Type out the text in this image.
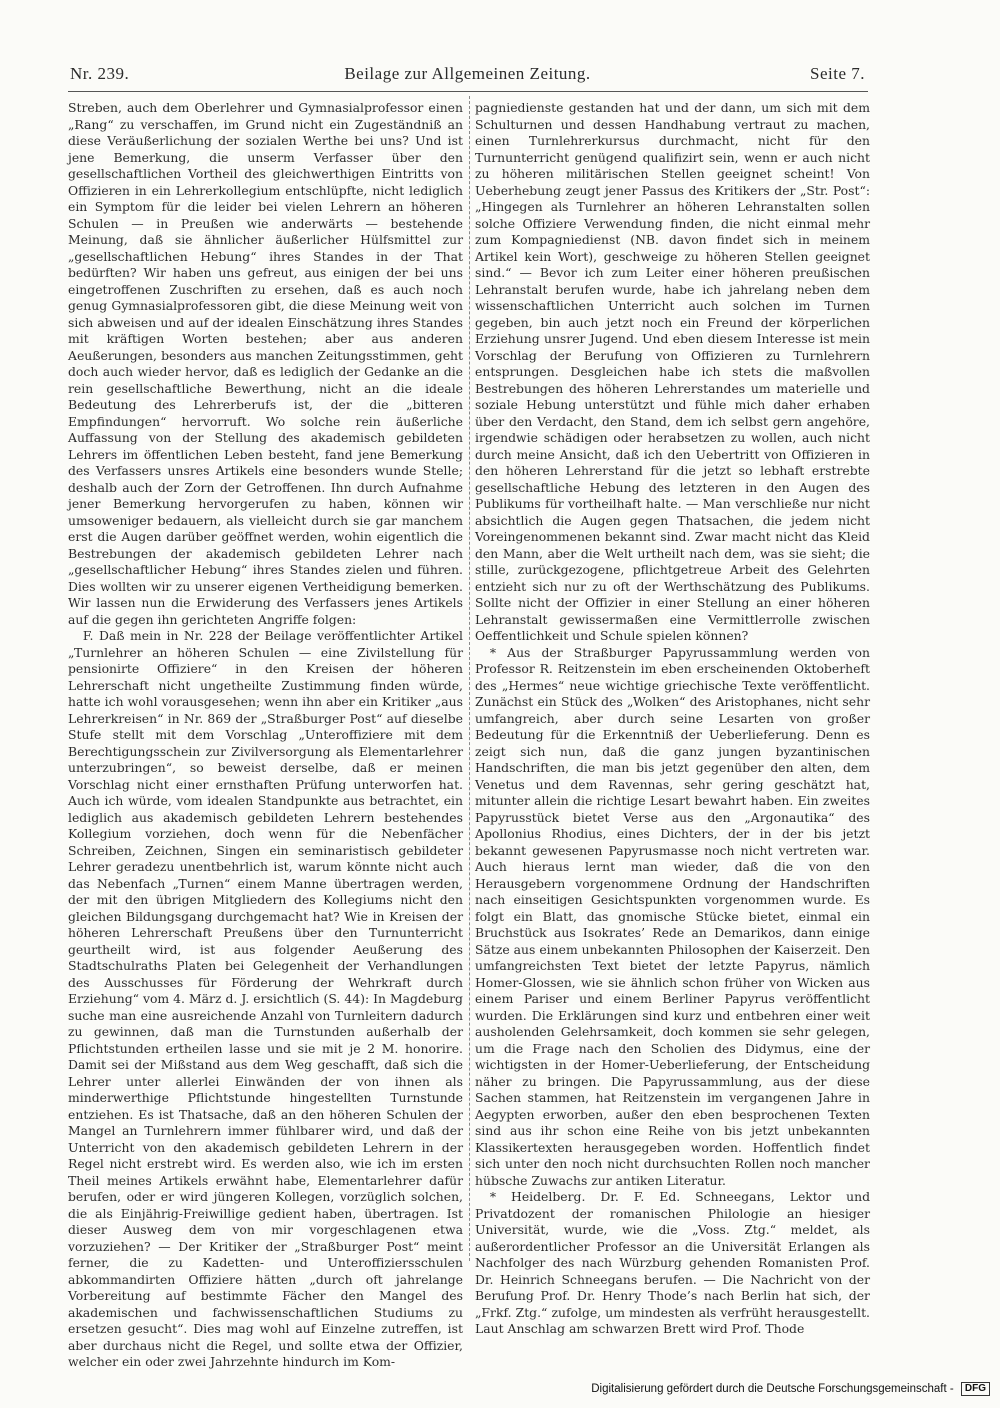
Nr. 239.	Beilage zur Allgemeinen Zeitung.	Seite 7.

Streben, auch dem Oberlehrer und Gymnasialprofessor einen „Rang“ zu verschaffen, im Grund nicht ein Zugeständniß an diese Veräußerlichung der sozialen Werthe bei uns? Und ist jene Bemerkung, die unserm Verfasser über den gesellschaftlichen Vortheil des gleichwerthigen Eintritts von Offizieren in ein Lehrerkollegium entschlüpfte, nicht lediglich ein Symptom für die leider bei vielen Lehrern an höheren Schulen — in Preußen wie anderwärts — bestehende Meinung, daß sie ähnlicher äußerlicher Hülfsmittel zur „gesellschaftlichen Hebung“ ihres Standes in der That bedürften? Wir haben uns gefreut, aus einigen der bei uns eingetroffenen Zuschriften zu ersehen, daß es auch noch genug Gymnasialprofessoren gibt, die diese Meinung weit von sich abweisen und auf der idealen Einschätzung ihres Standes mit kräftigen Worten bestehen; aber aus anderen Aeußerungen, besonders aus manchen Zeitungsstimmen, geht doch auch wieder hervor, daß es lediglich der Gedanke an die rein gesellschaftliche Bewerthung, nicht an die ideale Bedeutung des Lehrerberufs ist, der die „bitteren Empfindungen“ hervorruft. Wo solche rein äußerliche Auffassung von der Stellung des akademisch gebildeten Lehrers im öffentlichen Leben besteht, fand jene Bemerkung des Verfassers unsres Artikels eine besonders wunde Stelle; deshalb auch der Zorn der Getroffenen. Ihn durch Aufnahme jener Bemerkung hervorgerufen zu haben, können wir umsoweniger bedauern, als vielleicht durch sie gar manchem erst die Augen darüber geöffnet werden, wohin eigentlich die Bestrebungen der akademisch gebildeten Lehrer nach „gesellschaftlicher Hebung“ ihres Standes zielen und führen. Dies wollten wir zu unserer eigenen Vertheidigung bemerken. Wir lassen nun die Erwiderung des Verfassers jenes Artikels auf die gegen ihn gerichteten Angriffe folgen:

F. Daß mein in Nr. 228 der Beilage veröffentlichter Artikel „Turnlehrer an höheren Schulen — eine Zivilstellung für pensionirte Offiziere“ in den Kreisen der höheren Lehrerschaft nicht ungetheilte Zustimmung finden würde, hatte ich wohl vorausgesehen; wenn ihn aber ein Kritiker „aus Lehrerkreisen“ in Nr. 869 der „Straßburger Post“ auf dieselbe Stufe stellt mit dem Vorschlag „Unteroffiziere mit dem Berechtigungsschein zur Zivilversorgung als Elementarlehrer unterzubringen“, so beweist derselbe, daß er meinen Vorschlag nicht einer ernsthaften Prüfung unterworfen hat. Auch ich würde, vom idealen Standpunkte aus betrachtet, ein lediglich aus akademisch gebildeten Lehrern bestehendes Kollegium vorziehen, doch wenn für die Nebenfächer Schreiben, Zeichnen, Singen ein seminaristisch gebildeter Lehrer geradezu unentbehrlich ist, warum könnte nicht auch das Nebenfach „Turnen“ einem Manne übertragen werden, der mit den übrigen Mitgliedern des Kollegiums nicht den gleichen Bildungsgang durchgemacht hat? Wie in Kreisen der höheren Lehrerschaft Preußens über den Turnunterricht geurtheilt wird, ist aus folgender Aeußerung des Stadtschulraths Platen bei Gelegenheit der Verhandlungen des Ausschusses für Förderung der Wehrkraft durch Erziehung“ vom 4. März d. J. ersichtlich (S. 44): In Magdeburg suche man eine ausreichende Anzahl von Turnleitern dadurch zu gewinnen, daß man die Turnstunden außerhalb der Pflichtstunden ertheilen lasse und sie mit je 2 M. honorire. Damit sei der Mißstand aus dem Weg geschafft, daß sich die Lehrer unter allerlei Einwänden der von ihnen als minderwerthige Pflichtstunde hingestellten Turnstunde entziehen. Es ist Thatsache, daß an den höheren Schulen der Mangel an Turnlehrern immer fühlbarer wird, und daß der Unterricht von den akademisch gebildeten Lehrern in der Regel nicht erstrebt wird. Es werden also, wie ich im ersten Theil meines Artikels erwähnt habe, Elementarlehrer dafür berufen, oder er wird jüngeren Kollegen, vorzüglich solchen, die als Einjährig-Freiwillige gedient haben, übertragen. Ist dieser Ausweg dem von mir vorgeschlagenen etwa vorzuziehen? — Der Kritiker der „Straßburger Post“ meint ferner, die zu Kadetten- und Unteroffiziersschulen abkommandirten Offiziere hätten „durch oft jahrelange Vorbereitung auf bestimmte Fächer den Mangel des akademischen und fachwissenschaftlichen Studiums zu ersetzen gesucht“. Dies mag wohl auf Einzelne zutreffen, ist aber durchaus nicht die Regel, und sollte etwa der Offizier, welcher ein oder zwei Jahrzehnte hindurch im Kom-

pagniedienste gestanden hat und der dann, um sich mit dem Schulturnen und dessen Handhabung vertraut zu machen, einen Turnlehrerkursus durchmacht, nicht für den Turnunterricht genügend qualifizirt sein, wenn er auch nicht zu höheren militärischen Stellen geeignet scheint! Von Ueberhebung zeugt jener Passus des Kritikers der „Str. Post“: „Hingegen als Turnlehrer an höheren Lehranstalten sollen solche Offiziere Verwendung finden, die nicht einmal mehr zum Kompagniedienst (NB. davon findet sich in meinem Artikel kein Wort), geschweige zu höheren Stellen geeignet sind.“ — Bevor ich zum Leiter einer höheren preußischen Lehranstalt berufen wurde, habe ich jahrelang neben dem wissenschaftlichen Unterricht auch solchen im Turnen gegeben, bin auch jetzt noch ein Freund der körperlichen Erziehung unsrer Jugend. Und eben diesem Interesse ist mein Vorschlag der Berufung von Offizieren zu Turnlehrern entsprungen. Desgleichen habe ich stets die maßvollen Bestrebungen des höheren Lehrerstandes um materielle und soziale Hebung unterstützt und fühle mich daher erhaben über den Verdacht, den Stand, dem ich selbst gern angehöre, irgendwie schädigen oder herabsetzen zu wollen, auch nicht durch meine Ansicht, daß ich den Uebertritt von Offizieren in den höheren Lehrerstand für die jetzt so lebhaft erstrebte gesellschaftliche Hebung des letzteren in den Augen des Publikums für vortheilhaft halte. — Man verschließe nur nicht absichtlich die Augen gegen Thatsachen, die jedem nicht Voreingenommenen bekannt sind. Zwar macht nicht das Kleid den Mann, aber die Welt urtheilt nach dem, was sie sieht; die stille, zurückgezogene, pflichtgetreue Arbeit des Gelehrten entzieht sich nur zu oft der Werthschätzung des Publikums. Sollte nicht der Offizier in einer Stellung an einer höheren Lehranstalt gewissermaßen eine Vermittlerrolle zwischen Oeffentlichkeit und Schule spielen können?

* Aus der Straßburger Papyrussammlung werden von Professor R. Reitzenstein im eben erscheinenden Oktoberheft des „Hermes“ neue wichtige griechische Texte veröffentlicht. Zunächst ein Stück des „Wolken“ des Aristophanes, nicht sehr umfangreich, aber durch seine Lesarten von großer Bedeutung für die Erkenntniß der Ueberlieferung. Denn es zeigt sich nun, daß die ganz jungen byzantinischen Handschriften, die man bis jetzt gegenüber den alten, dem Venetus und dem Ravennas, sehr gering geschätzt hat, mitunter allein die richtige Lesart bewahrt haben. Ein zweites Papyrusstück bietet Verse aus den „Argonautika“ des Apollonius Rhodius, eines Dichters, der in der bis jetzt bekannt gewesenen Papyrusmasse noch nicht vertreten war. Auch hieraus lernt man wieder, daß die von den Herausgebern vorgenommene Ordnung der Handschriften nach einseitigen Gesichtspunkten vorgenommen wurde. Es folgt ein Blatt, das gnomische Stücke bietet, einmal ein Bruchstück aus Isokrates’ Rede an Demarikos, dann einige Sätze aus einem unbekannten Philosophen der Kaiserzeit. Den umfangreichsten Text bietet der letzte Papyrus, nämlich Homer-Glossen, wie sie ähnlich schon früher von Wicken aus einem Pariser und einem Berliner Papyrus veröffentlicht wurden. Die Erklärungen sind kurz und entbehren einer weit ausholenden Gelehrsamkeit, doch kommen sie sehr gelegen, um die Frage nach den Scholien des Didymus, eine der wichtigsten in der Homer-Ueberlieferung, der Entscheidung näher zu bringen. Die Papyrussammlung, aus der diese Sachen stammen, hat Reitzenstein im vergangenen Jahre in Aegypten erworben, außer den eben besprochenen Texten sind aus ihr schon eine Reihe von bis jetzt unbekannten Klassikertexten herausgegeben worden. Hoffentlich findet sich unter den noch nicht durchsuchten Rollen noch mancher hübsche Zuwachs zur antiken Literatur.

* Heidelberg. Dr. F. Ed. Schneegans, Lektor und Privatdozent der romanischen Philologie an hiesiger Universität, wurde, wie die „Voss. Ztg.“ meldet, als außerordentlicher Professor an die Universität Erlangen als Nachfolger des nach Würzburg gehenden Romanisten Prof. Dr. Heinrich Schneegans berufen. — Die Nachricht von der Berufung Prof. Dr. Henry Thode’s nach Berlin hat sich, der „Frkf. Ztg.“ zufolge, um mindesten als verfrüht herausgestellt. Laut Anschlag am schwarzen Brett wird Prof. Thode

Digitalisierung gefördert durch die Deutsche Forschungsgemeinschaft - DFG
